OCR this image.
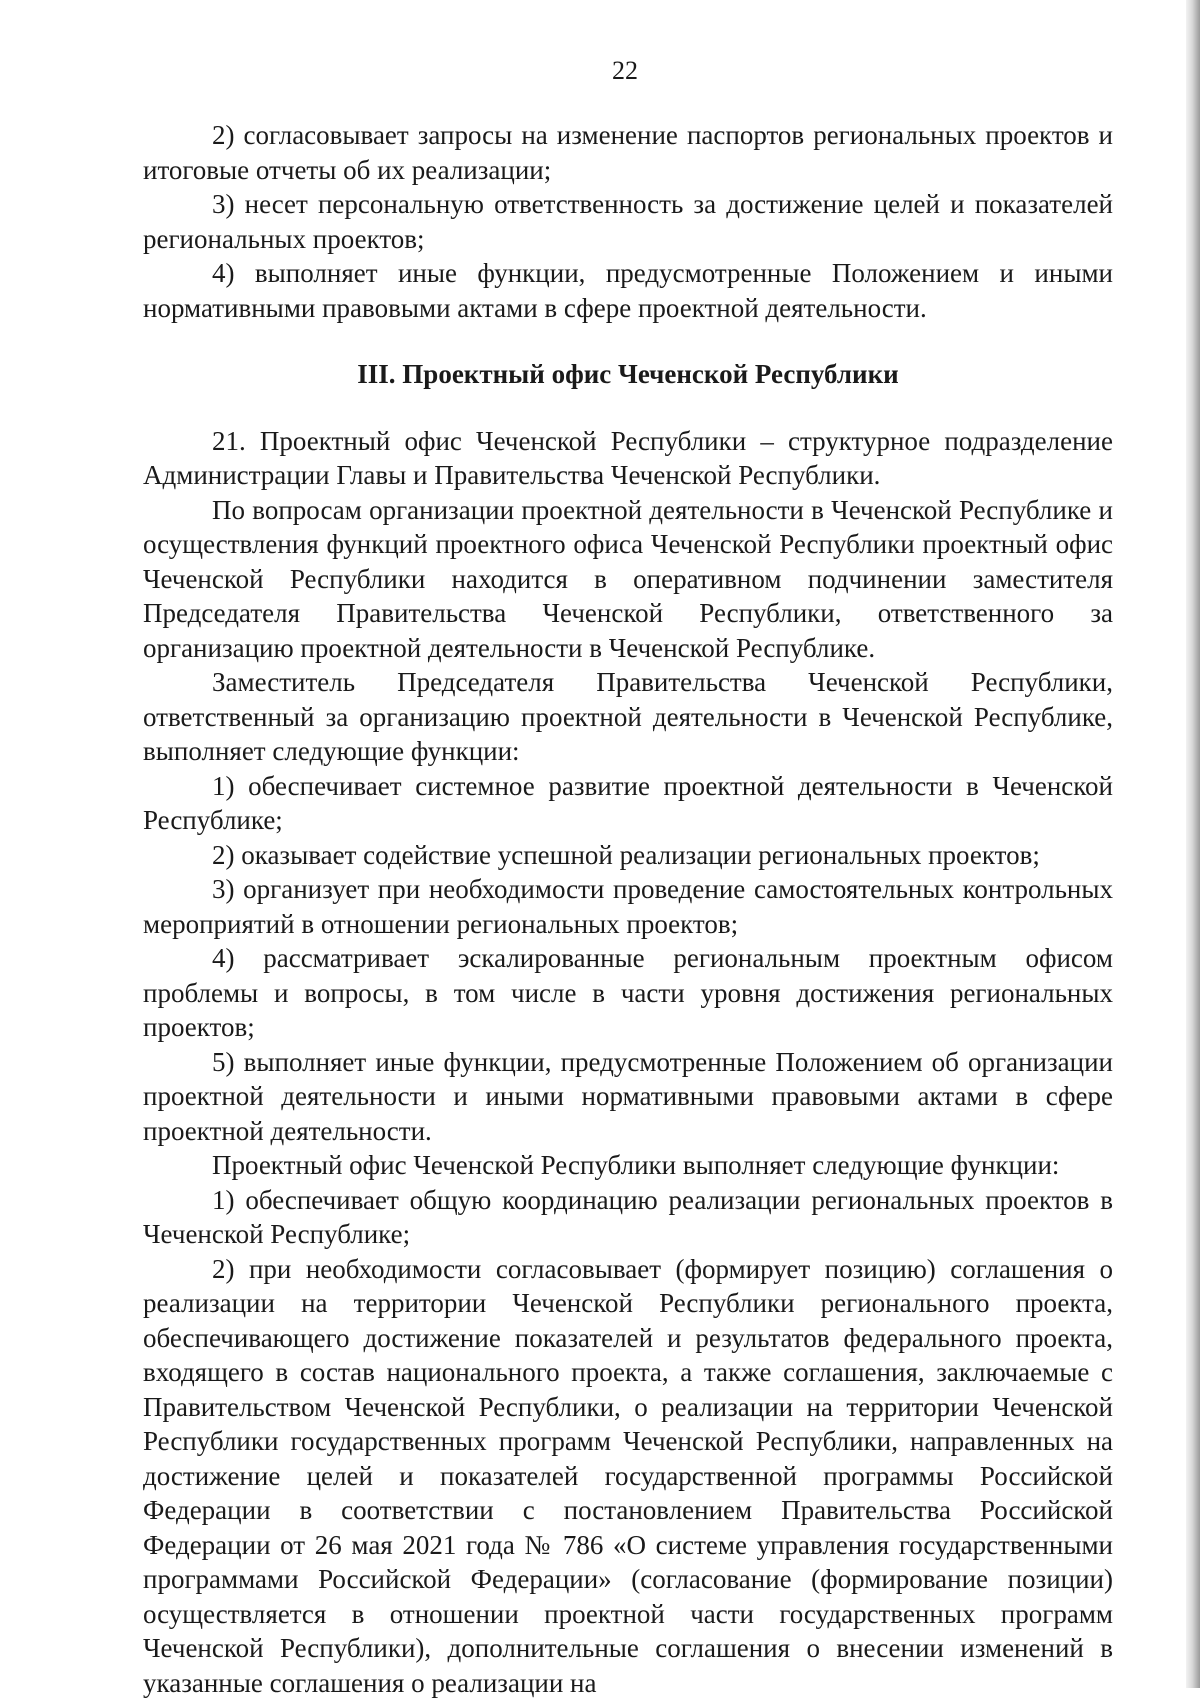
22

2) согласовывает запросы на изменение паспортов региональных проектов и итоговые отчеты об их реализации;

3) несет персональную ответственность за достижение целей и показателей региональных проектов;

4) выполняет иные функции, предусмотренные Положением и иными нормативными правовыми актами в сфере проектной деятельности.

III. Проектный офис Чеченской Республики

21. Проектный офис Чеченской Республики – структурное подразделение Администрации Главы и Правительства Чеченской Республики.

По вопросам организации проектной деятельности в Чеченской Республике и осуществления функций проектного офиса Чеченской Республики проектный офис Чеченской Республики находится в оперативном подчинении заместителя Председателя Правительства Чеченской Республики, ответственного за организацию проектной деятельности в Чеченской Республике.

Заместитель Председателя Правительства Чеченской Республики, ответственный за организацию проектной деятельности в Чеченской Республике, выполняет следующие функции:

1) обеспечивает системное развитие проектной деятельности в Чеченской Республике;

2) оказывает содействие успешной реализации региональных проектов;

3) организует при необходимости проведение самостоятельных контрольных мероприятий в отношении региональных проектов;

4) рассматривает эскалированные региональным проектным офисом проблемы и вопросы, в том числе в части уровня достижения региональных проектов;

5) выполняет иные функции, предусмотренные Положением об организации проектной деятельности и иными нормативными правовыми актами в сфере проектной деятельности.

Проектный офис Чеченской Республики выполняет следующие функции:

1) обеспечивает общую координацию реализации региональных проектов в Чеченской Республике;

2) при необходимости согласовывает (формирует позицию) соглашения о реализации на территории Чеченской Республики регионального проекта, обеспечивающего достижение показателей и результатов федерального проекта, входящего в состав национального проекта, а также соглашения, заключаемые с Правительством Чеченской Республики, о реализации на территории Чеченской Республики государственных программ Чеченской Республики, направленных на достижение целей и показателей государственной программы Российской Федерации в соответствии с постановлением Правительства Российской Федерации от 26 мая 2021 года № 786 «О системе управления государственными программами Российской Федерации» (согласование (формирование позиции) осуществляется в отношении проектной части государственных программ Чеченской Республики), дополнительные соглашения о внесении изменений в указанные соглашения о реализации на
